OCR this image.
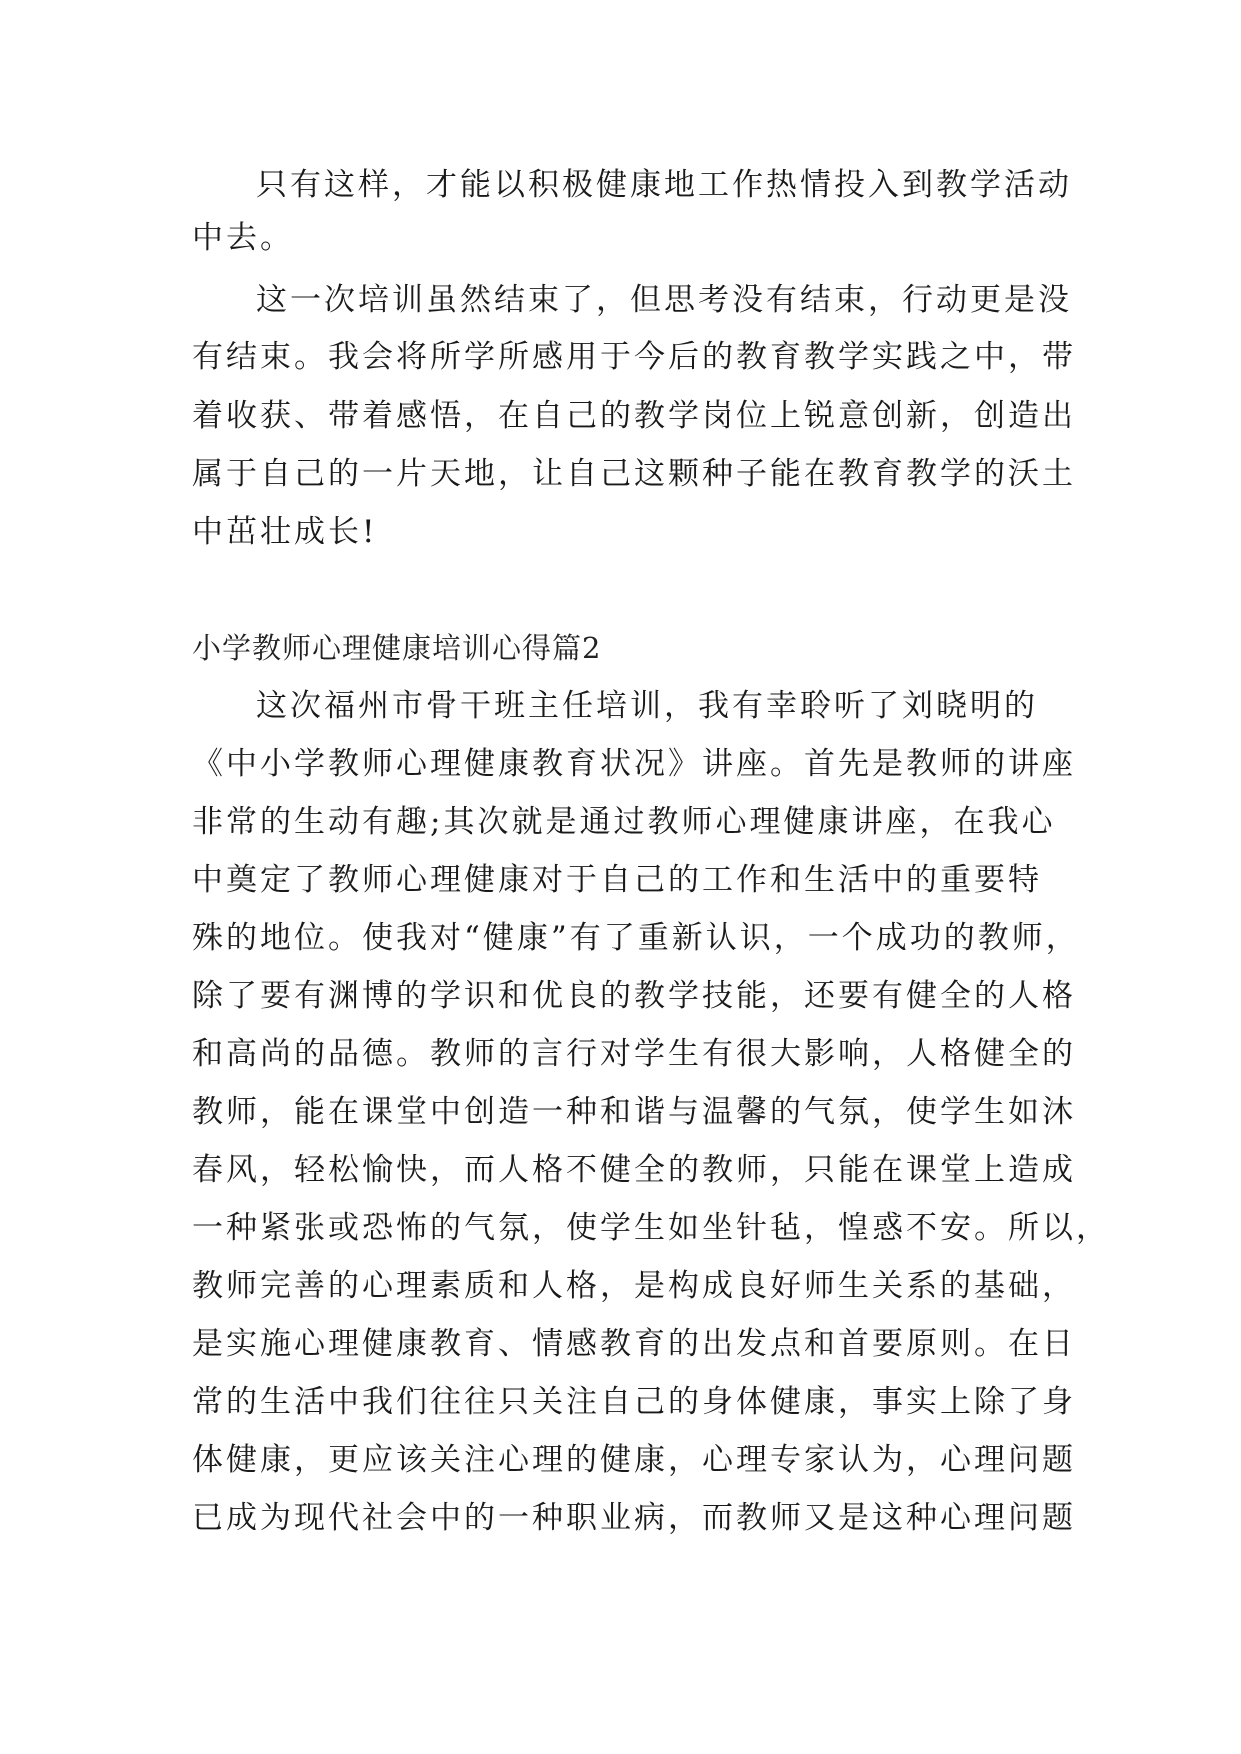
只有这样，才能以积极健康地工作热情投入到教学活动
中去。
这一次培训虽然结束了，但思考没有结束，行动更是没
有结束。我会将所学所感用于今后的教育教学实践之中，带
着收获、带着感悟，在自己的教学岗位上锐意创新，创造出
属于自己的一片天地，让自己这颗种子能在教育教学的沃土
中茁壮成长!
小学教师心理健康培训心得篇2
这次福州市骨干班主任培训，我有幸聆听了刘晓明的
《中小学教师心理健康教育状况》讲座。首先是教师的讲座
非常的生动有趣;其次就是通过教师心理健康讲座，在我心
中奠定了教师心理健康对于自己的工作和生活中的重要特
殊的地位。使我对“健康”有了重新认识，一个成功的教师，
除了要有渊博的学识和优良的教学技能，还要有健全的人格
和高尚的品德。教师的言行对学生有很大影响，人格健全的
教师，能在课堂中创造一种和谐与温馨的气氛，使学生如沐
春风，轻松愉快，而人格不健全的教师，只能在课堂上造成
一种紧张或恐怖的气氛，使学生如坐针毡，惶惑不安。所以，
教师完善的心理素质和人格，是构成良好师生关系的基础，
是实施心理健康教育、情感教育的出发点和首要原则。在日
常的生活中我们往往只关注自己的身体健康，事实上除了身
体健康，更应该关注心理的健康，心理专家认为，心理问题
已成为现代社会中的一种职业病，而教师又是这种心理问题
